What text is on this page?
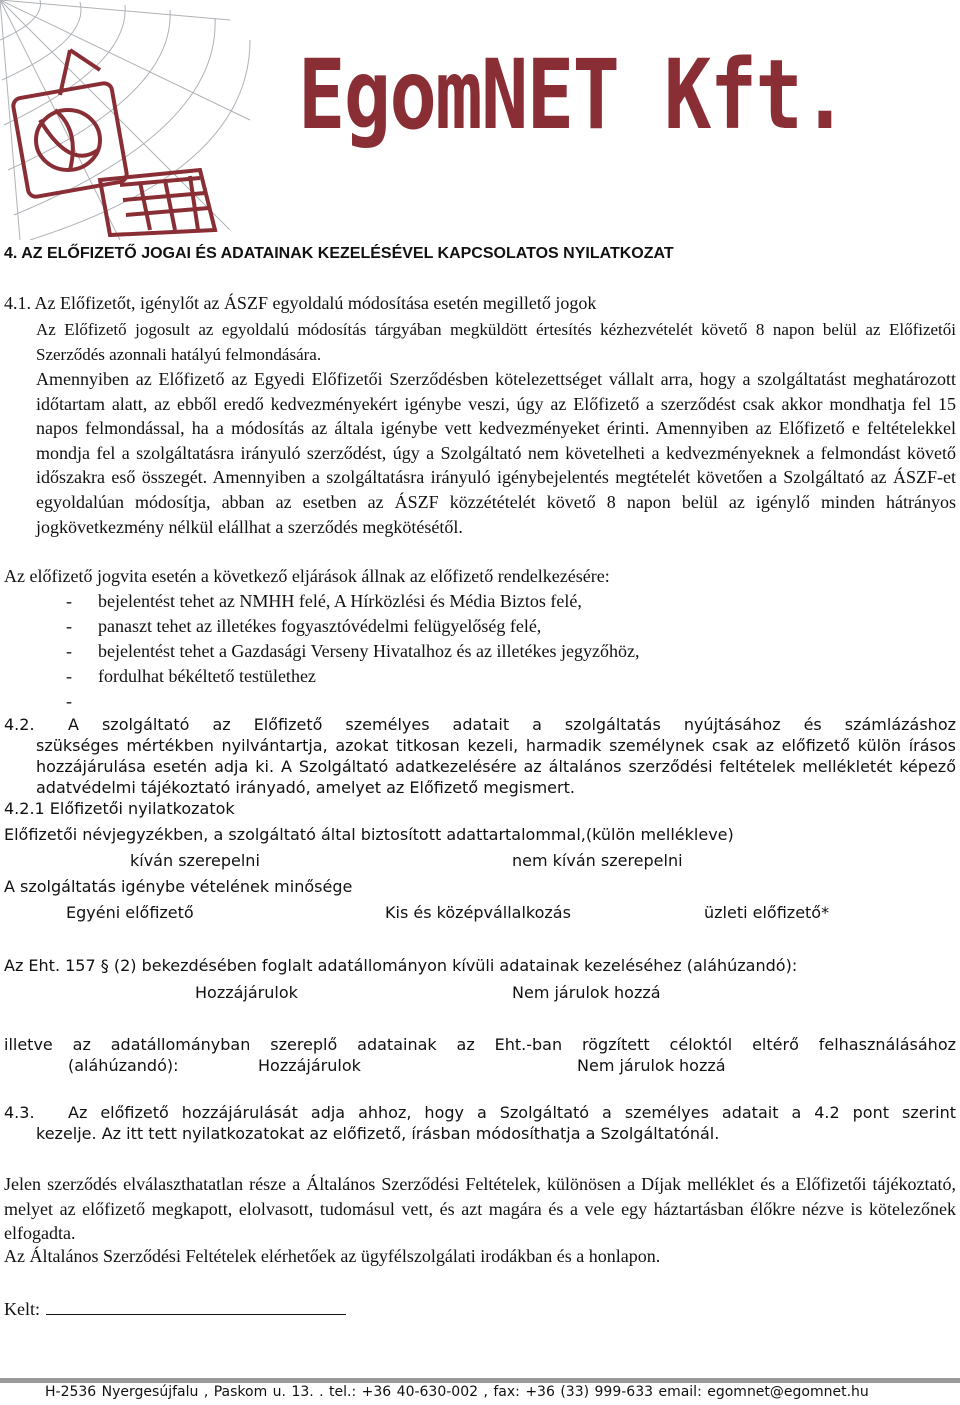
EgomNET Kft.
4. AZ ELŐFIZETŐ JOGAI ÉS ADATAINAK KEZELÉSÉVEL KAPCSOLATOS NYILATKOZAT
4.1. Az Előfizetőt, igénylőt az ÁSZF egyoldalú módosítása esetén megillető jogok
Az Előfizető jogosult az egyoldalú módosítás tárgyában megküldött értesítés kézhezvételét követő 8 napon belül az Előfizetői Szerződés azonnali hatályú felmondására.
Amennyiben az Előfizető az Egyedi Előfizetői Szerződésben kötelezettséget vállalt arra, hogy a szolgáltatást meghatározott időtartam alatt, az ebből eredő kedvezményekért igénybe veszi, úgy az Előfizető a szerződést csak akkor mondhatja fel 15 napos felmondással, ha a módosítás az általa igénybe vett kedvezményeket érinti. Amennyiben az Előfizető e feltételekkel mondja fel a szolgáltatásra irányuló szerződést, úgy a Szolgáltató nem követelheti a kedvezményeknek a felmondást követő időszakra eső összegét. Amennyiben a szolgáltatásra irányuló igénybejelentés megtételét követően a Szolgáltató az ÁSZF-et egyoldalúan módosítja, abban az esetben az ÁSZF közzétételét követő 8 napon belül az igénylő minden hátrányos jogkövetkezmény nélkül elállhat a szerződés megkötésétől.
Az előfizető jogvita esetén a következő eljárások állnak az előfizető rendelkezésére:
- bejelentést tehet az NMHH felé, A Hírközlési és Média Biztos felé,
- panaszt tehet az illetékes fogyasztóvédelmi felügyelőség felé,
- bejelentést tehet a Gazdasági Verseny Hivatalhoz és az illetékes jegyzőhöz,
- fordulhat békéltető testülethez
-
4.2. A szolgáltató az Előfizető személyes adatait a szolgáltatás nyújtásához és számlázáshoz
szükséges mértékben nyilvántartja, azokat titkosan kezeli, harmadik személynek csak az előfizető külön írásos hozzájárulása esetén adja ki. A Szolgáltató adatkezelésére az általános szerződési feltételek mellékletét képező adatvédelmi tájékoztató irányadó, amelyet az Előfizető megismert.
4.2.1 Előfizetői nyilatkozatok
Előfizetői névjegyzékben, a szolgáltató által biztosított adattartalommal,(külön mellékleve)
kíván szerepelni	nem kíván szerepelni
A szolgáltatás igénybe vételének minősége
Egyéni előfizető	Kis és középvállalkozás	üzleti előfizető*
Az Eht. 157 § (2) bekezdésében foglalt adatállományon kívüli adatainak kezeléséhez (aláhúzandó):
Hozzájárulok	Nem járulok hozzá
illetve az adatállományban szereplő adatainak az Eht.-ban rögzített céloktól eltérő felhasználásához
(aláhúzandó):	Hozzájárulok	Nem járulok hozzá
4.3. Az előfizető hozzájárulását adja ahhoz, hogy a Szolgáltató a személyes adatait a 4.2 pont szerint
kezelje. Az itt tett nyilatkozatokat az előfizető, írásban módosíthatja a Szolgáltatónál.
Jelen szerződés elválaszthatatlan része a Általános Szerződési Feltételek, különösen a Díjak melléklet és a Előfizetői tájékoztató, melyet az előfizető megkapott, elolvasott, tudomásul vett, és azt magára és a vele egy háztartásban élőkre nézve is kötelezőnek elfogadta.
Az Általános Szerződési Feltételek elérhetőek az ügyfélszolgálati irodákban és a honlapon.
Kelt:
H-2536 Nyergesújfalu , Paskom u. 13. . tel.: +36 40-630-002 , fax: +36 (33) 999-633 email: egomnet@egomnet.hu
